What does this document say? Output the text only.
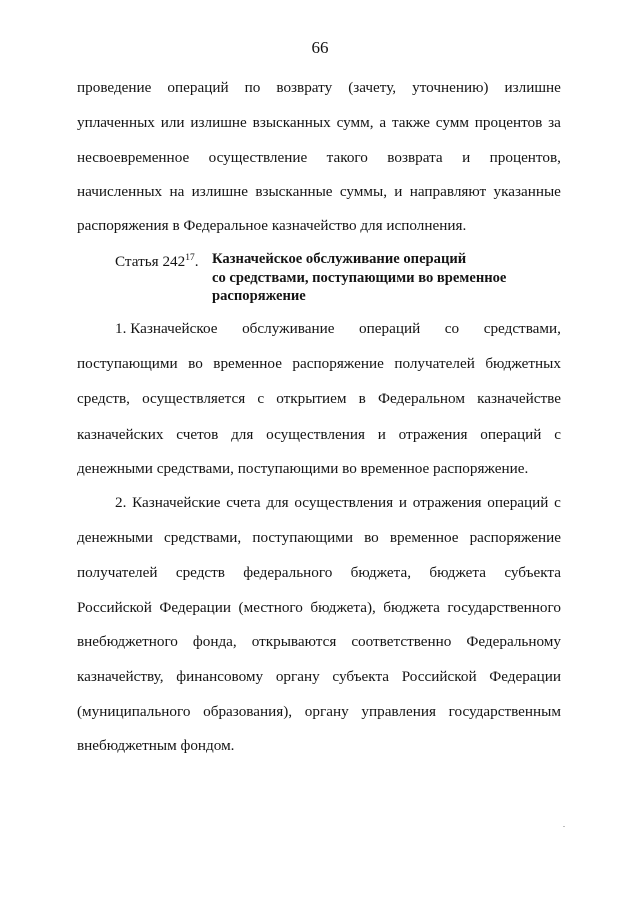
66
проведение операций по возврату (зачету, уточнению) излишне
уплаченных или излишне взысканных сумм, а также сумм процентов за
несвоевременное осуществление такого возврата и процентов,
начисленных на излишне взысканные суммы, и направляют указанные
распоряжения в Федеральное казначейство для исполнения.
Статья $242^{17}$. Казначейское обслуживание операций
со средствами, поступающими во временное
распоряжение
1. Казначейское обслуживание операций со средствами,
поступающими во временное распоряжение получателей бюджетных
средств, осуществляется с открытием в Федеральном казначействе
казначейских счетов для осуществления и отражения операций с
денежными средствами, поступающими во временное распоряжение.
2. Казначейские счета для осуществления и отражения операций с
денежными средствами, поступающими во временное распоряжение
получателей средств федерального бюджета, бюджета субъекта
Российской Федерации (местного бюджета), бюджета государственного
внебюджетного фонда, открываются соответственно Федеральному
казначейству, финансовому органу субъекта Российской Федерации
(муниципального образования), органу управления государственным
внебюджетным фондом.
